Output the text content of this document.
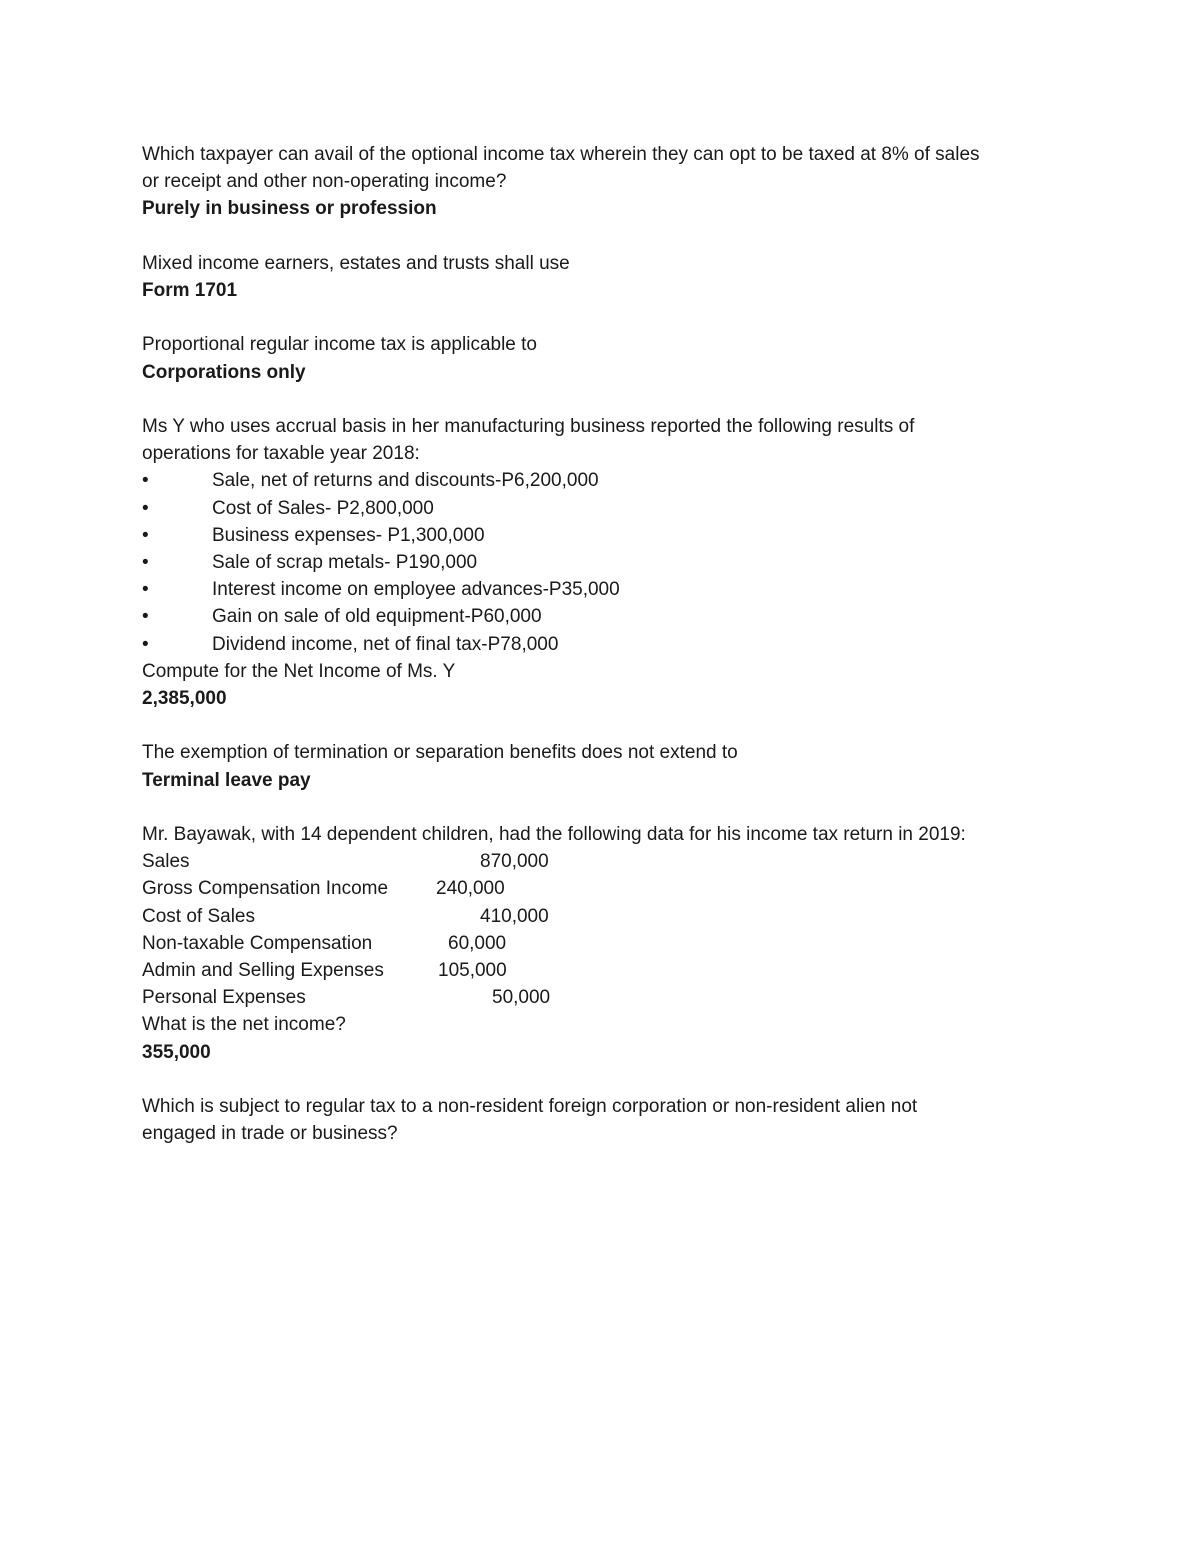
Which taxpayer can avail of the optional income tax wherein they can opt to be taxed at 8% of sales
or receipt and other non-operating income?
Purely in business or profession
Mixed income earners, estates and trusts shall use
Form 1701
Proportional regular income tax is applicable to
Corporations only
Ms Y who uses accrual basis in her manufacturing business reported the following results of
operations for taxable year 2018:
•	Sale, net of returns and discounts-P6,200,000
•	Cost of Sales- P2,800,000
•	Business expenses- P1,300,000
•	Sale of scrap metals- P190,000
•	Interest income on employee advances-P35,000
•	Gain on sale of old equipment-P60,000
•	Dividend income, net of final tax-P78,000
Compute for the Net Income of Ms. Y
2,385,000
The exemption of termination or separation benefits does not extend to
Terminal leave pay
Mr. Bayawak, with 14 dependent children, had the following data for his income tax return in 2019:
Sales	870,000
Gross Compensation Income	240,000
Cost of Sales	410,000
Non-taxable Compensation	60,000
Admin and Selling Expenses	105,000
Personal Expenses	50,000
What is the net income?
355,000
Which is subject to regular tax to a non-resident foreign corporation or non-resident alien not
engaged in trade or business?
